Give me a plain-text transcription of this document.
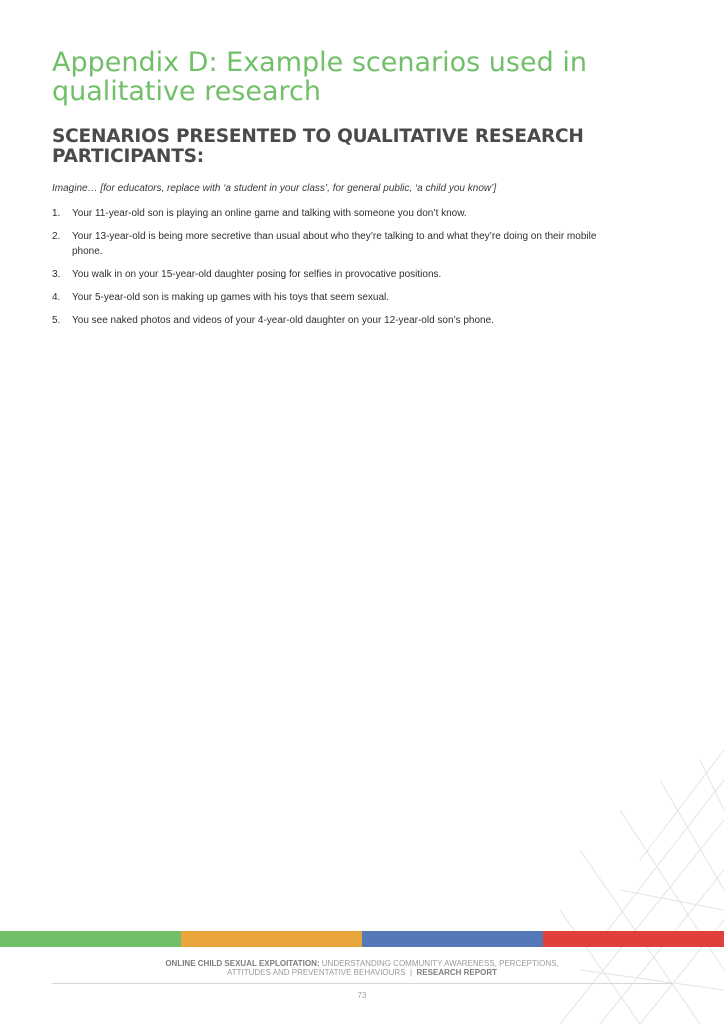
Appendix D: Example scenarios used in qualitative research
SCENARIOS PRESENTED TO QUALITATIVE RESEARCH PARTICIPANTS:

Imagine… [for educators, replace with ‘a student in your class’, for general public, ‘a child you know’]

1. Your 11-year-old son is playing an online game and talking with someone you don’t know.
2. Your 13-year-old is being more secretive than usual about who they’re talking to and what they’re doing on their mobile phone.
3. You walk in on your 15-year-old daughter posing for selfies in provocative positions.
4. Your 5-year-old son is making up games with his toys that seem sexual.
5. You see naked photos and videos of your 4-year-old daughter on your 12-year-old son’s phone.
ONLINE CHILD SEXUAL EXPLOITATION: UNDERSTANDING COMMUNITY AWARENESS, PERCEPTIONS,
ATTITUDES AND PREVENTATIVE BEHAVIOURS | RESEARCH REPORT
73
